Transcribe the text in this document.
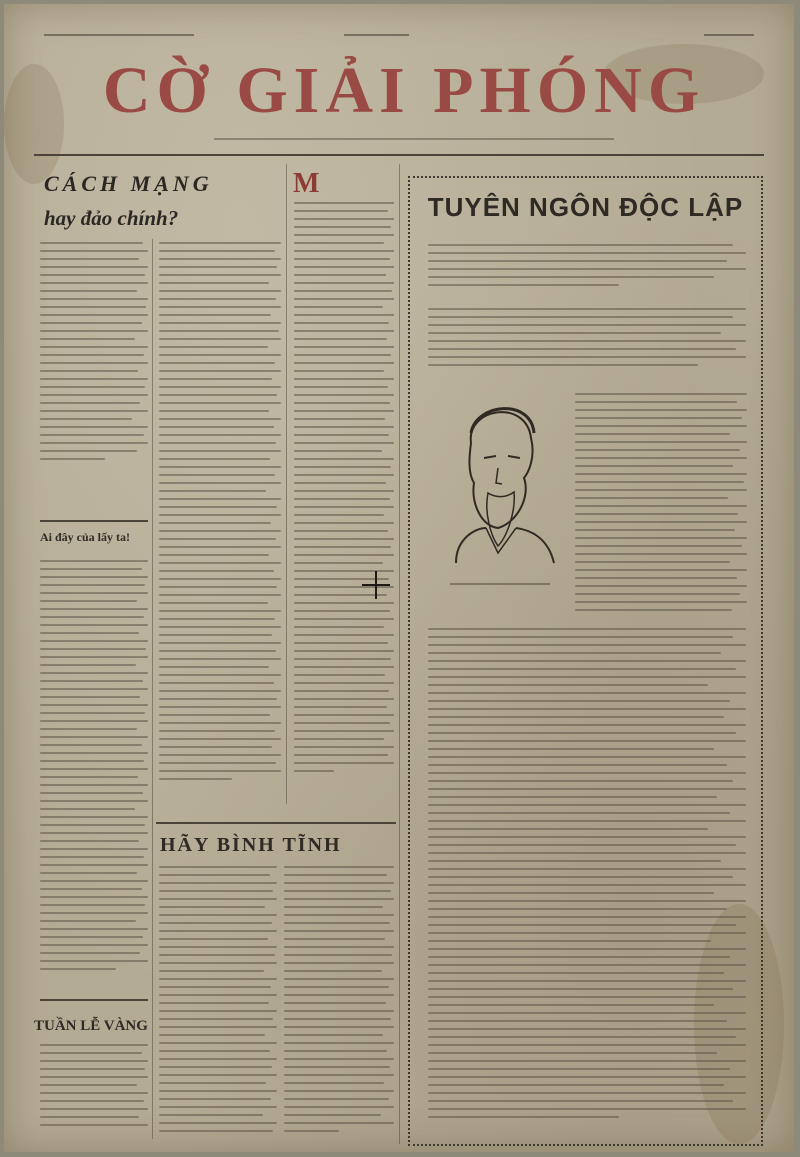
CỜ GIẢI PHÓNG
CÁCH MẠNG
hay đảo chính?
M
Ai đây của lấy ta!
TUẦN LỄ VÀNG
HÃY BÌNH TĨNH
TUYÊN NGÔN ĐỘC LẬP
